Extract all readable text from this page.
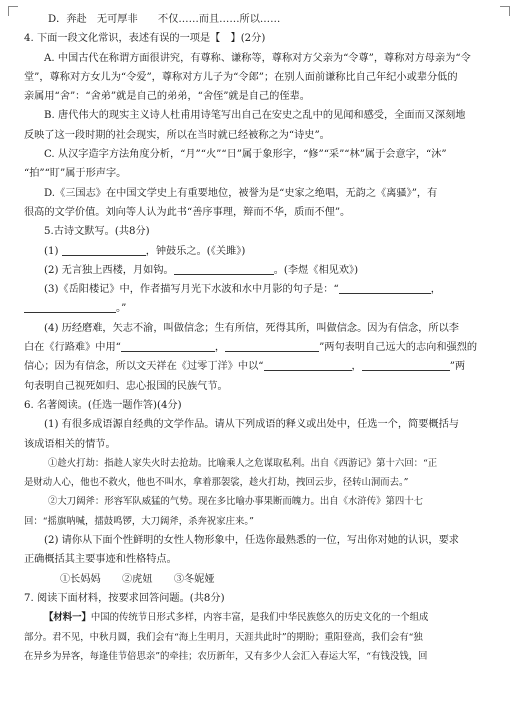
D．奔赴　无可厚非　　不仅……而且……所以……
4. 下面一段文化常识，表述有误的一项是【　】(2分)
A. 中国古代在称谓方面很讲究，有尊称、谦称等，尊称对方父亲为“令尊”，尊称对方母亲为“令
堂”，尊称对方女儿为“令爱”，尊称对方儿子为“令郎”；在别人面前谦称比自己年纪小或辈分低的
亲属用“舍”：“舍弟”就是自己的弟弟，“舍侄”就是自己的侄辈。
B. 唐代伟大的现实主义诗人杜甫用诗笔写出自己在安史之乱中的见闻和感受，全面而又深刻地
反映了这一段时期的社会现实，所以在当时就已经被称之为“诗史”。
C. 从汉字造字方法角度分析，“月”“火”“日”属于象形字，“修”“采”“林”属于会意字，“沐”
“拍”“盯”属于形声字。
D.《三国志》在中国文学史上有重要地位，被誉为是“史家之绝唱，无韵之《离骚》”，有
很高的文学价值。刘向等人认为此书“善序事理，辩而不华，质而不俚”。
5.古诗文默写。(共8分)
(1)	，钟鼓乐之。(《关雎》)
(2) 无言独上西楼，月如钩。	。(李煜《相见欢》)
(3)《岳阳楼记》中，作者描写月光下水波和水中月影的句子是：“	，
。”
(4) 历经磨难，矢志不渝，叫做信念；生有所信，死得其所，叫做信念。因为有信念，所以李
白在《行路难》中用“	，	”两句表明自己远大的志向和强烈的
信心；因为有信念，所以文天祥在《过零丁洋》中以“	，	”两
句表明自己视死如归、忠心报国的民族气节。
6. 名著阅读。(任选一题作答)(4分)
(1) 有很多成语源自经典的文学作品。请从下列成语的释义或出处中，任选一个，简要概括与
该成语相关的情节。
①趁火打劫：指趁人家失火时去抢劫。比喻乘人之危谋取私利。出自《西游记》第十六回：“正
是财动人心，他也不救火，他也不叫水，拿着那袈裟，趁火打劫，拽回云步，径转山洞而去。”
②大刀阔斧：形容军队威猛的气势。现在多比喻办事果断而魄力。出自《水浒传》第四十七
回：“摇旗呐喊，擂鼓鸣锣，大刀阔斧，杀奔祝家庄来。”
(2) 请你从下面个性鲜明的女性人物形象中，任选你最熟悉的一位，写出你对她的认识，要求
正确概括其主要事迹和性格特点。
①长妈妈 ②虎妞 ③冬妮娅
7. 阅读下面材料，按要求回答问题。(共8分)
【材料一】中国的传统节日形式多样，内容丰富，是我们中华民族悠久的历史文化的一个组成
部分。君不见，中秋月圆，我们会有“海上生明月，天涯共此时”的期盼；重阳登高，我们会有“独
在异乡为异客，每逢佳节倍思亲”的牵挂；农历新年，又有多少人会汇入春运大军，“有钱没钱，回
